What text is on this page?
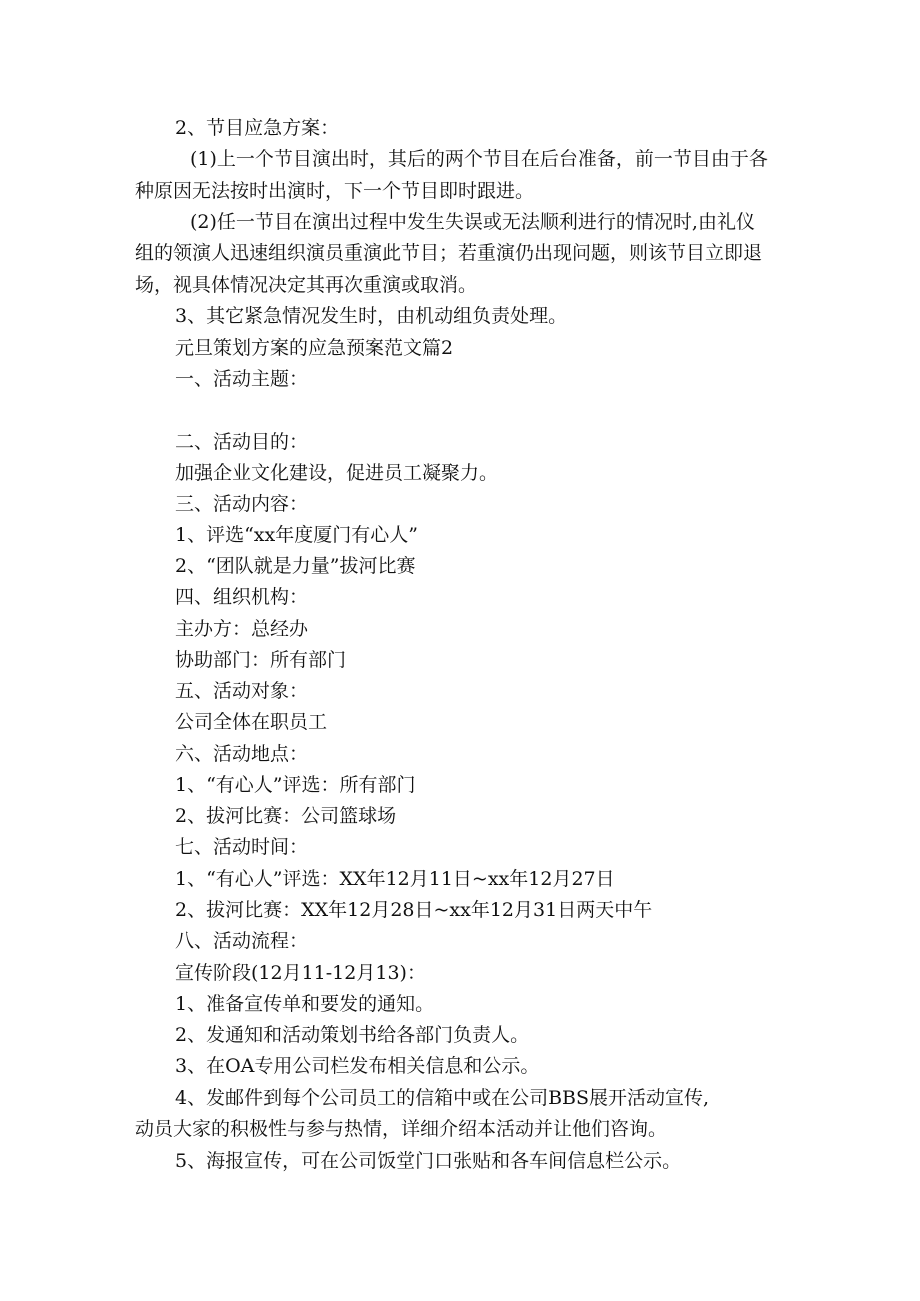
2、节目应急方案：
(1)上一个节目演出时，其后的两个节目在后台准备，前一节目由于各
种原因无法按时出演时，下一个节目即时跟进。
(2)任一节目在演出过程中发生失误或无法顺利进行的情况时,由礼仪
组的领演人迅速组织演员重演此节目；若重演仍出现问题，则该节目立即退
场，视具体情况决定其再次重演或取消。
3、其它紧急情况发生时，由机动组负责处理。
元旦策划方案的应急预案范文篇2
一、活动主题：
二、活动目的：
加强企业文化建设，促进员工凝聚力。
三、活动内容：
1、评选“xx年度厦门有心人”
2、“团队就是力量”拔河比赛
四、组织机构：
主办方：总经办
协助部门：所有部门
五、活动对象：
公司全体在职员工
六、活动地点：
1、“有心人”评选：所有部门
2、拔河比赛：公司篮球场
七、活动时间：
1、“有心人”评选：XX年12月11日~xx年12月27日
2、拔河比赛：XX年12月28日~xx年12月31日两天中午
八、活动流程：
宣传阶段(12月11-12月13)：
1、准备宣传单和要发的通知。
2、发通知和活动策划书给各部门负责人。
3、在OA专用公司栏发布相关信息和公示。
4、发邮件到每个公司员工的信箱中或在公司BBS展开活动宣传,
动员大家的积极性与参与热情，详细介绍本活动并让他们咨询。
5、海报宣传，可在公司饭堂门口张贴和各车间信息栏公示。
